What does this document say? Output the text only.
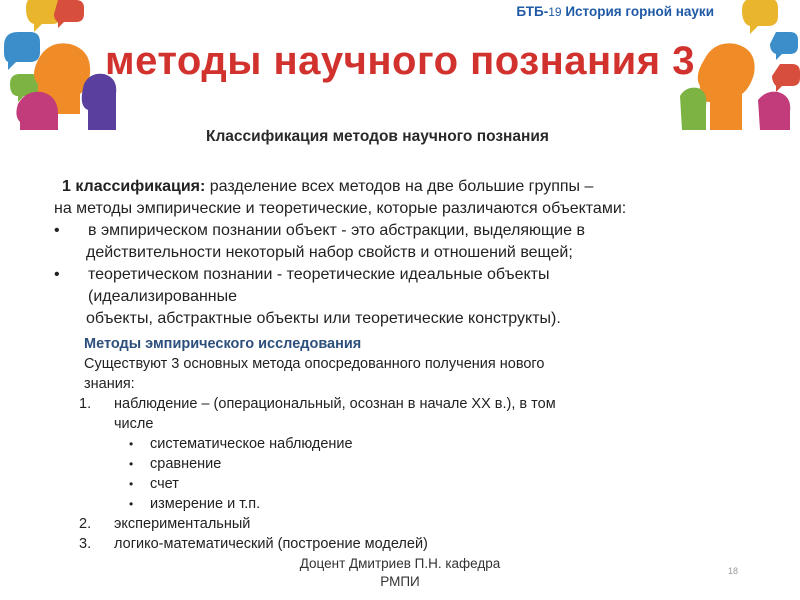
БТБ-19 История горной науки
методы научного познания 3
Классификация методов научного познания
1 классификация: разделение всех методов на две большие группы –
на методы эмпирические и теоретические, которые различаются объектами:
•	в эмпирическом познании объект - это абстракции, выделяющие в
действительности некоторый набор свойств и отношений вещей;
•	теоретическом познании - теоретические идеальные объекты
(идеализированные
объекты, абстрактные объекты или теоретические конструкты).
Методы эмпирического исследования
Существуют 3 основных метода опосредованного получения нового
знания:
1.	наблюдение – (операциональный, осознан в начале XX в.), в том
числе
• систематическое наблюдение
• сравнение
• счет
• измерение и т.п.
2.	экспериментальный
3.	логико-математический (построение моделей)
Доцент Дмитриев П.Н. кафедра
РМПИ
18
